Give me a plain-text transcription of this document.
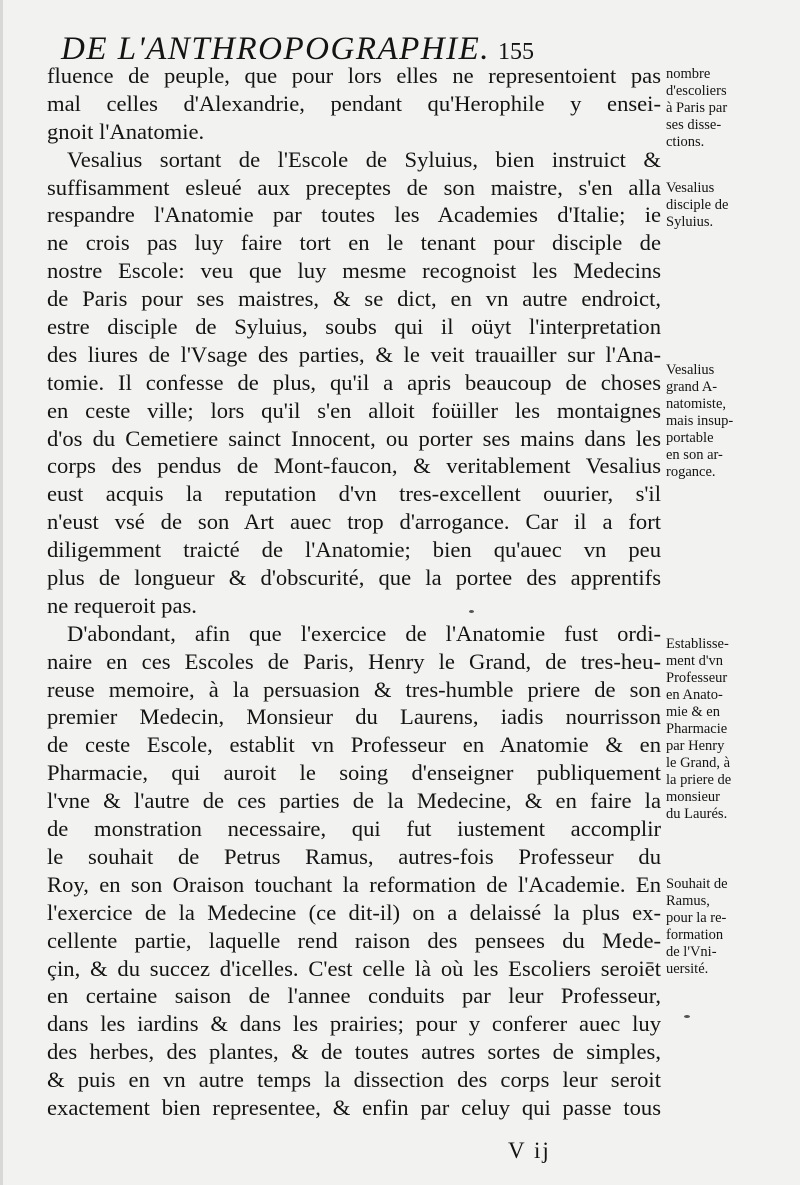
DE L'ANTHROPOGRAPHIE. 155
fluence de peuple, que pour lors elles ne representoient pas
mal celles d'Alexandrie, pendant qu'Herophile y ensei-
gnoit l'Anatomie.
Vesalius sortant de l'Escole de Syluius, bien instruict &
suffisamment esleué aux preceptes de son maistre, s'en alla
respandre l'Anatomie par toutes les Academies d'Italie; ie
ne crois pas luy faire tort en le tenant pour disciple de
nostre Escole: veu que luy mesme recognoist les Medecins
de Paris pour ses maistres, & se dict, en vn autre endroict,
estre disciple de Syluius, soubs qui il oüyt l'interpretation
des liures de l'Vsage des parties, & le veit trauailler sur l'Ana-
tomie. Il confesse de plus, qu'il a apris beaucoup de choses
en ceste ville; lors qu'il s'en alloit foüiller les montaignes
d'os du Cemetiere sainct Innocent, ou porter ses mains dans les
corps des pendus de Mont-faucon, & veritablement Vesalius
eust acquis la reputation d'vn tres-excellent ouurier, s'il
n'eust vsé de son Art auec trop d'arrogance. Car il a fort
diligemment traicté de l'Anatomie; bien qu'auec vn peu
plus de longueur & d'obscurité, que la portee des apprentifs
ne requeroit pas.
D'abondant, afin que l'exercice de l'Anatomie fust ordi-
naire en ces Escoles de Paris, Henry le Grand, de tres-heu-
reuse memoire, à la persuasion & tres-humble priere de son
premier Medecin, Monsieur du Laurens, iadis nourrisson
de ceste Escole, establit vn Professeur en Anatomie & en
Pharmacie, qui auroit le soing d'enseigner publiquement
l'vne & l'autre de ces parties de la Medecine, & en faire la
de monstration necessaire, qui fut iustement accomplir
le souhait de Petrus Ramus, autres-fois Professeur du
Roy, en son Oraison touchant la reformation de l'Academie. En
l'exercice de la Medecine (ce dit-il) on a delaissé la plus ex-
cellente partie, laquelle rend raison des pensees du Mede-
çin, & du succez d'icelles. C'est celle là où les Escoliers seroiēt
en certaine saison de l'annee conduits par leur Professeur,
dans les iardins & dans les prairies; pour y conferer auec luy
des herbes, des plantes, & de toutes autres sortes de simples,
& puis en vn autre temps la dissection des corps leur seroit
exactement bien representee, & enfin par celuy qui passe tous
nombre
d'escoliers
à Paris par
ses disse-
ctions.
Vesalius
disciple de
Syluius.
Vesalius
grand A-
natomiste,
mais insup-
portable
en son ar-
rogance.
Establisse-
ment d'vn
Professeur
en Anato-
mie & en
Pharmacie
par Henry
le Grand, à
la priere de
monsieur
du Laurés.
Souhait de
Ramus,
pour la re-
formation
de l'Vni-
uersité.
V ij
